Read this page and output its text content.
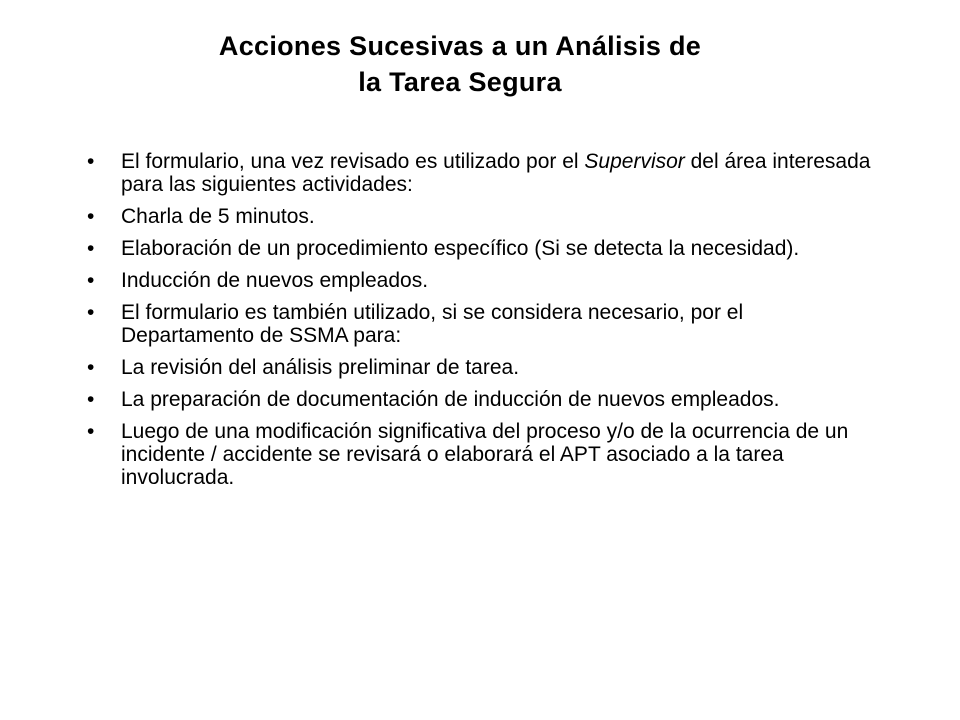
Acciones Sucesivas a un Análisis de
la Tarea Segura
• El formulario, una vez revisado es utilizado por el Supervisor del área interesada para las siguientes actividades:
• Charla de 5 minutos.
• Elaboración de un procedimiento específico (Si se detecta la necesidad).
• Inducción de nuevos empleados.
• El formulario es también utilizado, si se considera necesario, por el Departamento de SSMA para:
• La revisión del análisis preliminar de tarea.
• La preparación de documentación de inducción de nuevos empleados.
• Luego de una modificación significativa del proceso y/o de la ocurrencia de un incidente / accidente se revisará o elaborará el APT asociado a la tarea involucrada.
